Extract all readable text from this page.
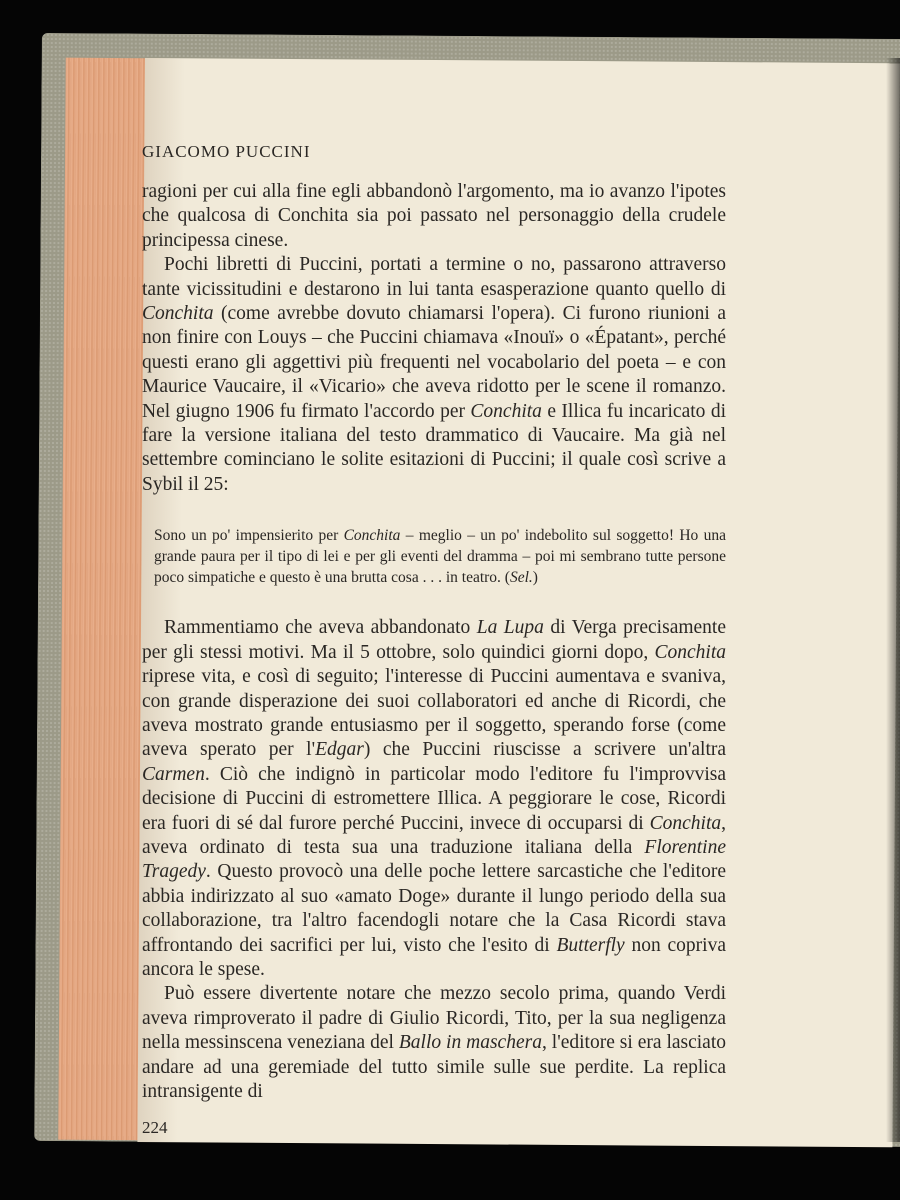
GIACOMO PUCCINI

ragioni per cui alla fine egli abbandonò l'argomento, ma io avanzo l'ipotes che qualcosa di Conchita sia poi passato nel personaggio della crudele principessa cinese.

Pochi libretti di Puccini, portati a termine o no, passarono attraverso tante vicissitudini e destarono in lui tanta esasperazione quanto quello di Conchita (come avrebbe dovuto chiamarsi l'opera). Ci furono riunioni a non finire con Louys – che Puccini chiamava «Inouï» o «Épatant», perché questi erano gli aggettivi più frequenti nel vocabolario del poeta – e con Maurice Vaucaire, il «Vicario» che aveva ridotto per le scene il romanzo. Nel giugno 1906 fu firmato l'accordo per Conchita e Illica fu incaricato di fare la versione italiana del testo drammatico di Vaucaire. Ma già nel settembre cominciano le solite esitazioni di Puccini; il quale così scrive a Sybil il 25:

Sono un po' impensierito per Conchita – meglio – un po' indebolito sul soggetto! Ho una grande paura per il tipo di lei e per gli eventi del dramma – poi mi sembrano tutte persone poco simpatiche e questo è una brutta cosa . . . in teatro. (Sel.)

Rammentiamo che aveva abbandonato La Lupa di Verga precisamente per gli stessi motivi. Ma il 5 ottobre, solo quindici giorni dopo, Conchita riprese vita, e così di seguito; l'interesse di Puccini aumentava e svaniva, con grande disperazione dei suoi collaboratori ed anche di Ricordi, che aveva mostrato grande entusiasmo per il soggetto, sperando forse (come aveva sperato per l'Edgar) che Puccini riuscisse a scrivere un'altra Carmen. Ciò che indignò in particolar modo l'editore fu l'improvvisa decisione di Puccini di estromettere Illica. A peggiorare le cose, Ricordi era fuori di sé dal furore perché Puccini, invece di occuparsi di Conchita, aveva ordinato di testa sua una traduzione italiana della Florentine Tragedy. Questo provocò una delle poche lettere sarcastiche che l'editore abbia indirizzato al suo «amato Doge» durante il lungo periodo della sua collaborazione, tra l'altro facendogli notare che la Casa Ricordi stava affrontando dei sacrifici per lui, visto che l'esito di Butterfly non copriva ancora le spese.

Può essere divertente notare che mezzo secolo prima, quando Verdi aveva rimproverato il padre di Giulio Ricordi, Tito, per la sua negligenza nella messinscena veneziana del Ballo in maschera, l'editore si era lasciato andare ad una geremiade del tutto simile sulle sue perdite. La replica intransigente di

224
